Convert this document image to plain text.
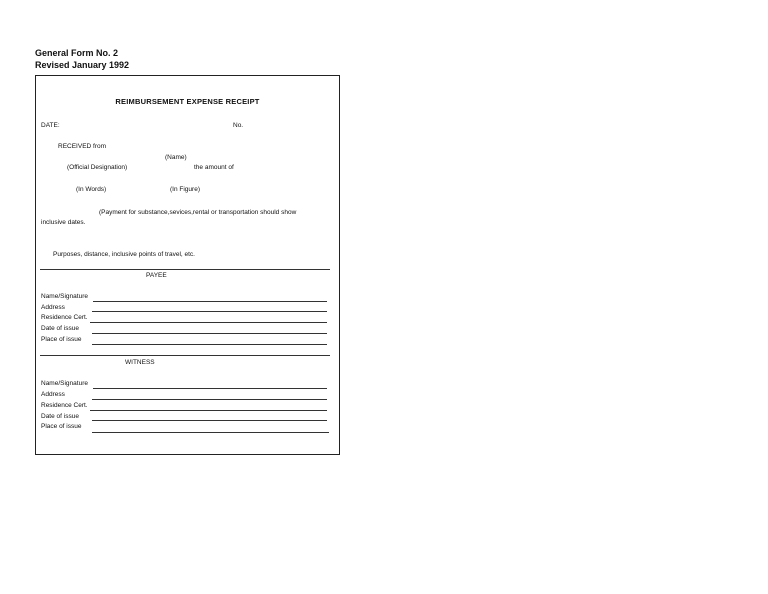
General Form No. 2
Revised January 1992
REIMBURSEMENT EXPENSE RECEIPT
DATE:	No.
RECEIVED from
(Name)
(Official Designation)	the amount of
(In Words)	(In Figure)
(Payment for substance,sevices,rental or transportation should show
inclusive dates.
Purposes, distance, inclusive points of travel, etc.
PAYEE
Name/Signature
Address
Residence Cert.
Date of issue
Place of issue
WITNESS
Name/Signature
Address
Residence Cert.
Date of issue
Place of issue
